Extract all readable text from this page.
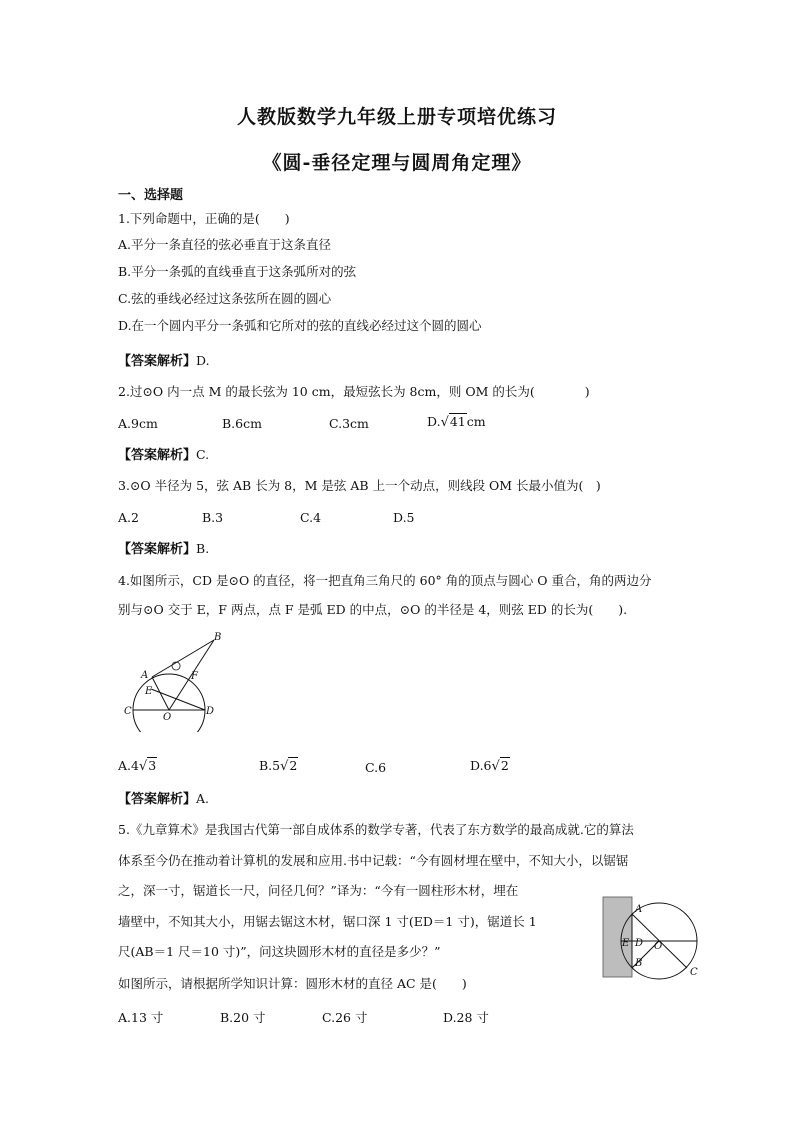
人教版数学九年级上册专项培优练习
《圆-垂径定理与圆周角定理》
一、选择题
1.下列命题中，正确的是(　　)
A.平分一条直径的弦必垂直于这条直径
B.平分一条弧的直线垂直于这条弧所对的弦
C.弦的垂线必经过这条弦所在圆的圆心
D.在一个圆内平分一条弧和它所对的弦的直线必经过这个圆的圆心
【答案解析】D.
2.过⊙O 内一点 M 的最长弦为 10 cm，最短弦长为 8cm，则 OM 的长为(　　　　)
A.9cm	B.6cm	C.3cm	D.√41cm
【答案解析】C.
3.⊙O 半径为 5，弦 AB 长为 8，M 是弦 AB 上一个动点，则线段 OM 长最小值为(　)
A.2	B.3	C.4	D.5
【答案解析】B.
4.如图所示，CD 是⊙O 的直径，将一把直角三角尺的 60° 角的顶点与圆心 O 重合，角的两边分
别与⊙O 交于 E，F 两点，点 F 是弧 ED 的中点，⊙O 的半径是 4，则弦 ED 的长为(　　).
A
B
E
F
C
O
D
A.4√3	B.5√2	C.6	D.6√2
【答案解析】A.
5.《九章算术》是我国古代第一部自成体系的数学专著，代表了东方数学的最高成就.它的算法
体系至今仍在推动着计算机的发展和应用.书中记载：“今有圆材埋在壁中，不知大小，以锯锯
之，深一寸，锯道长一尺，问径几何？”译为：“今有一圆柱形木材，埋在
墙壁中，不知其大小，用锯去锯这木材，锯口深 1 寸(ED＝1 寸)，锯道长 1
尺(AB＝1 尺＝10 寸)”，问这块圆形木材的直径是多少？”
如图所示，请根据所学知识计算：圆形木材的直径 AC 是(　　)
A
E D O
B
C
A.13 寸	B.20 寸	C.26 寸	D.28 寸
